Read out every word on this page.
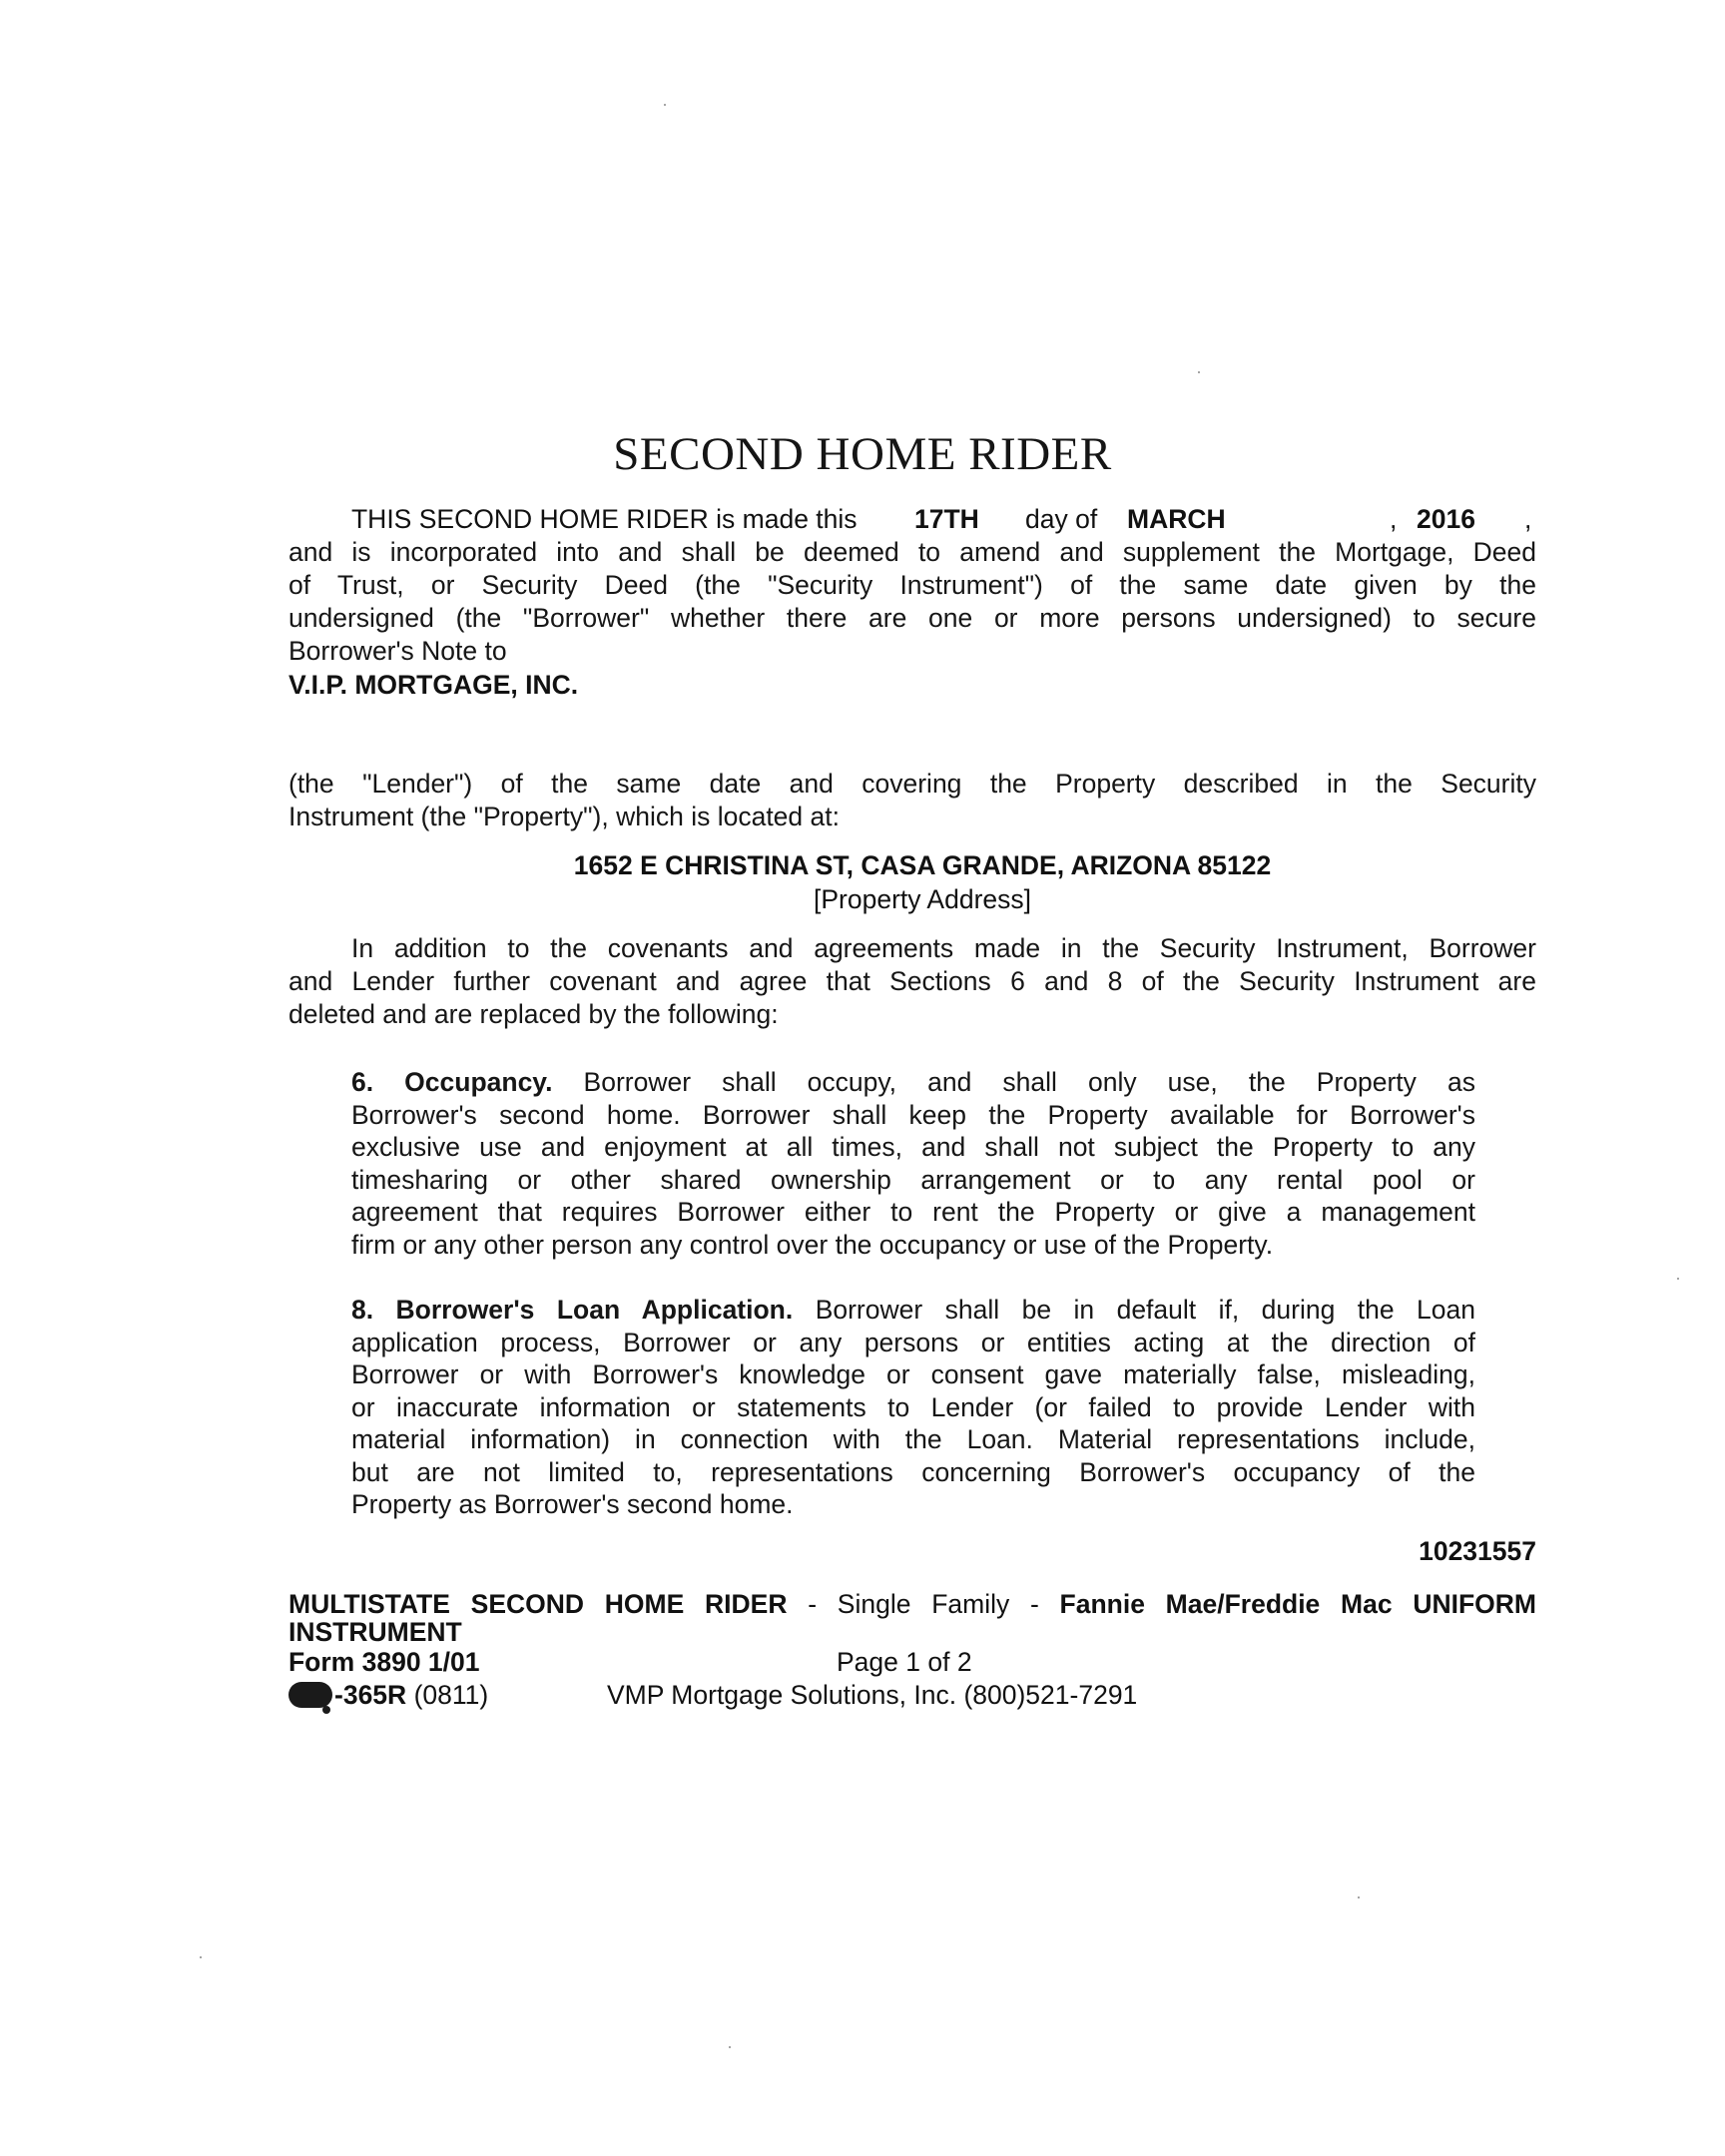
SECOND HOME RIDER
THIS SECOND HOME RIDER is made this 17TH day of MARCH	, 2016 ,
and is incorporated into and shall be deemed to amend and supplement the Mortgage, Deed
of Trust, or Security Deed (the "Security Instrument") of the same date given by the
undersigned (the "Borrower" whether there are one or more persons undersigned) to secure
Borrower's Note to
V.I.P. MORTGAGE, INC.
(the "Lender") of the same date and covering the Property described in the Security
Instrument (the "Property"), which is located at:
1652 E CHRISTINA ST, CASA GRANDE, ARIZONA 85122
[Property Address]
In addition to the covenants and agreements made in the Security Instrument, Borrower
and Lender further covenant and agree that Sections 6 and 8 of the Security Instrument are
deleted and are replaced by the following:
6. Occupancy. Borrower shall occupy, and shall only use, the Property as
Borrower's second home. Borrower shall keep the Property available for Borrower's
exclusive use and enjoyment at all times, and shall not subject the Property to any
timesharing or other shared ownership arrangement or to any rental pool or
agreement that requires Borrower either to rent the Property or give a management
firm or any other person any control over the occupancy or use of the Property.
8. Borrower's Loan Application. Borrower shall be in default if, during the Loan
application process, Borrower or any persons or entities acting at the direction of
Borrower or with Borrower's knowledge or consent gave materially false, misleading,
or inaccurate information or statements to Lender (or failed to provide Lender with
material information) in connection with the Loan. Material representations include,
but are not limited to, representations concerning Borrower's occupancy of the
Property as Borrower's second home.
10231557
MULTISTATE SECOND HOME RIDER - Single Family - Fannie Mae/Freddie Mac UNIFORM
INSTRUMENT
Form 3890 1/01	Page 1 of 2
-365R (0811)	VMP Mortgage Solutions, Inc. (800)521-7291
